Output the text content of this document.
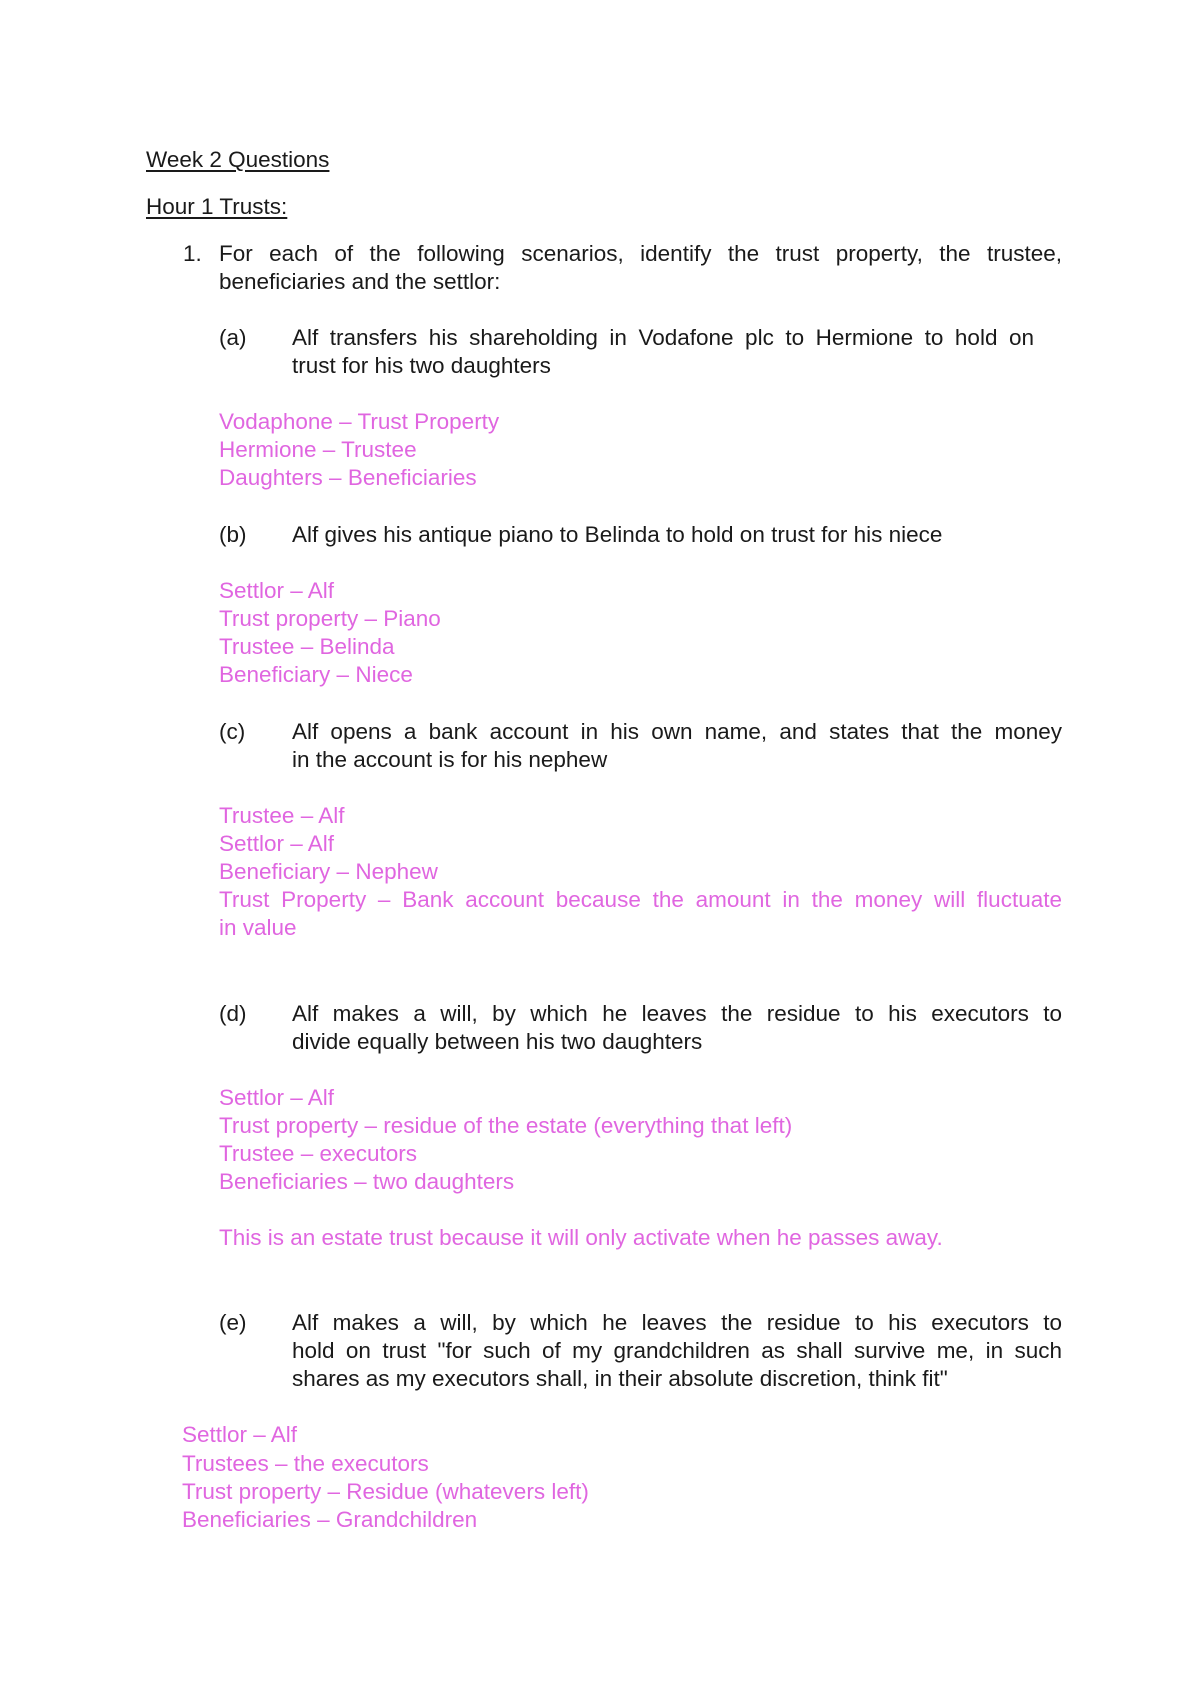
Week 2 Questions
Hour 1 Trusts:
1. For each of the following scenarios, identify the trust property, the trustee,
beneficiaries and the settlor:
(a) Alf transfers his shareholding in Vodafone plc to Hermione to hold on
trust for his two daughters
Vodaphone – Trust Property
Hermione – Trustee
Daughters – Beneficiaries
(b) Alf gives his antique piano to Belinda to hold on trust for his niece
Settlor – Alf
Trust property – Piano
Trustee – Belinda
Beneficiary – Niece
(c) Alf opens a bank account in his own name, and states that the money
in the account is for his nephew
Trustee – Alf
Settlor – Alf
Beneficiary – Nephew
Trust Property – Bank account because the amount in the money will fluctuate
in value
(d) Alf makes a will, by which he leaves the residue to his executors to
divide equally between his two daughters
Settlor – Alf
Trust property – residue of the estate (everything that left)
Trustee – executors
Beneficiaries – two daughters
This is an estate trust because it will only activate when he passes away.
(e) Alf makes a will, by which he leaves the residue to his executors to
hold on trust "for such of my grandchildren as shall survive me, in such
shares as my executors shall, in their absolute discretion, think fit"
Settlor – Alf
Trustees – the executors
Trust property – Residue (whatevers left)
Beneficiaries – Grandchildren
